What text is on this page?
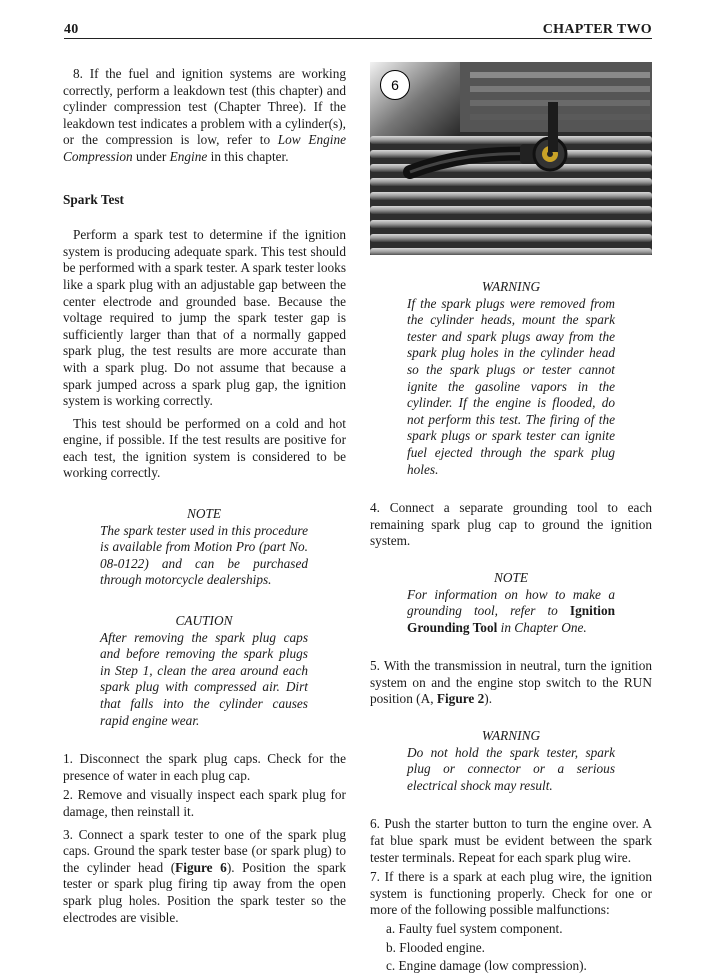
40	CHAPTER TWO

8. If the fuel and ignition systems are working correctly, perform a leakdown test (this chapter) and cylinder compression test (Chapter Three). If the leakdown test indicates a problem with a cylinder(s), or the compression is low, refer to Low Engine Compression under Engine in this chapter.

Spark Test

Perform a spark test to determine if the ignition system is producing adequate spark. This test should be performed with a spark tester. A spark tester looks like a spark plug with an adjustable gap between the center electrode and grounded base. Because the voltage required to jump the spark tester gap is sufficiently larger than that of a normally gapped spark plug, the test results are more accurate than with a spark plug. Do not assume that because a spark jumped across a spark plug gap, the ignition system is working correctly.

This test should be performed on a cold and hot engine, if possible. If the test results are positive for each test, the ignition system is considered to be working correctly.

NOTE
The spark tester used in this procedure is available from Motion Pro (part No. 08-0122) and can be purchased through motorcycle dealerships.
CAUTION
After removing the spark plug caps and before removing the spark plugs in Step 1, clean the area around each spark plug with compressed air. Dirt that falls into the cylinder causes rapid engine wear.

1. Disconnect the spark plug caps. Check for the presence of water in each plug cap.

2. Remove and visually inspect each spark plug for damage, then reinstall it.

3. Connect a spark tester to one of the spark plug caps. Ground the spark tester base (or spark plug) to the cylinder head (Figure 6). Position the spark tester or spark plug firing tip away from the open spark plug holes. Position the spark tester so the electrodes are visible.

6
WARNING
If the spark plugs were removed from the cylinder heads, mount the spark tester and spark plugs away from the spark plug holes in the cylinder head so the spark plugs or tester cannot ignite the gasoline vapors in the cylinder. If the engine is flooded, do not perform this test. The firing of the spark plugs or spark tester can ignite fuel ejected through the spark plug holes.

4. Connect a separate grounding tool to each remaining spark plug cap to ground the ignition system.

NOTE
For information on how to make a grounding tool, refer to Ignition Grounding Tool in Chapter One.

5. With the transmission in neutral, turn the ignition system on and the engine stop switch to the RUN position (A, Figure 2).

WARNING
Do not hold the spark tester, spark plug or connector or a serious electrical shock may result.

6. Push the starter button to turn the engine over. A fat blue spark must be evident between the spark tester terminals. Repeat for each spark plug wire.

7. If there is a spark at each plug wire, the ignition system is functioning properly. Check for one or more of the following possible malfunctions:

a. Faulty fuel system component.
b. Flooded engine.
c. Engine damage (low compression).
